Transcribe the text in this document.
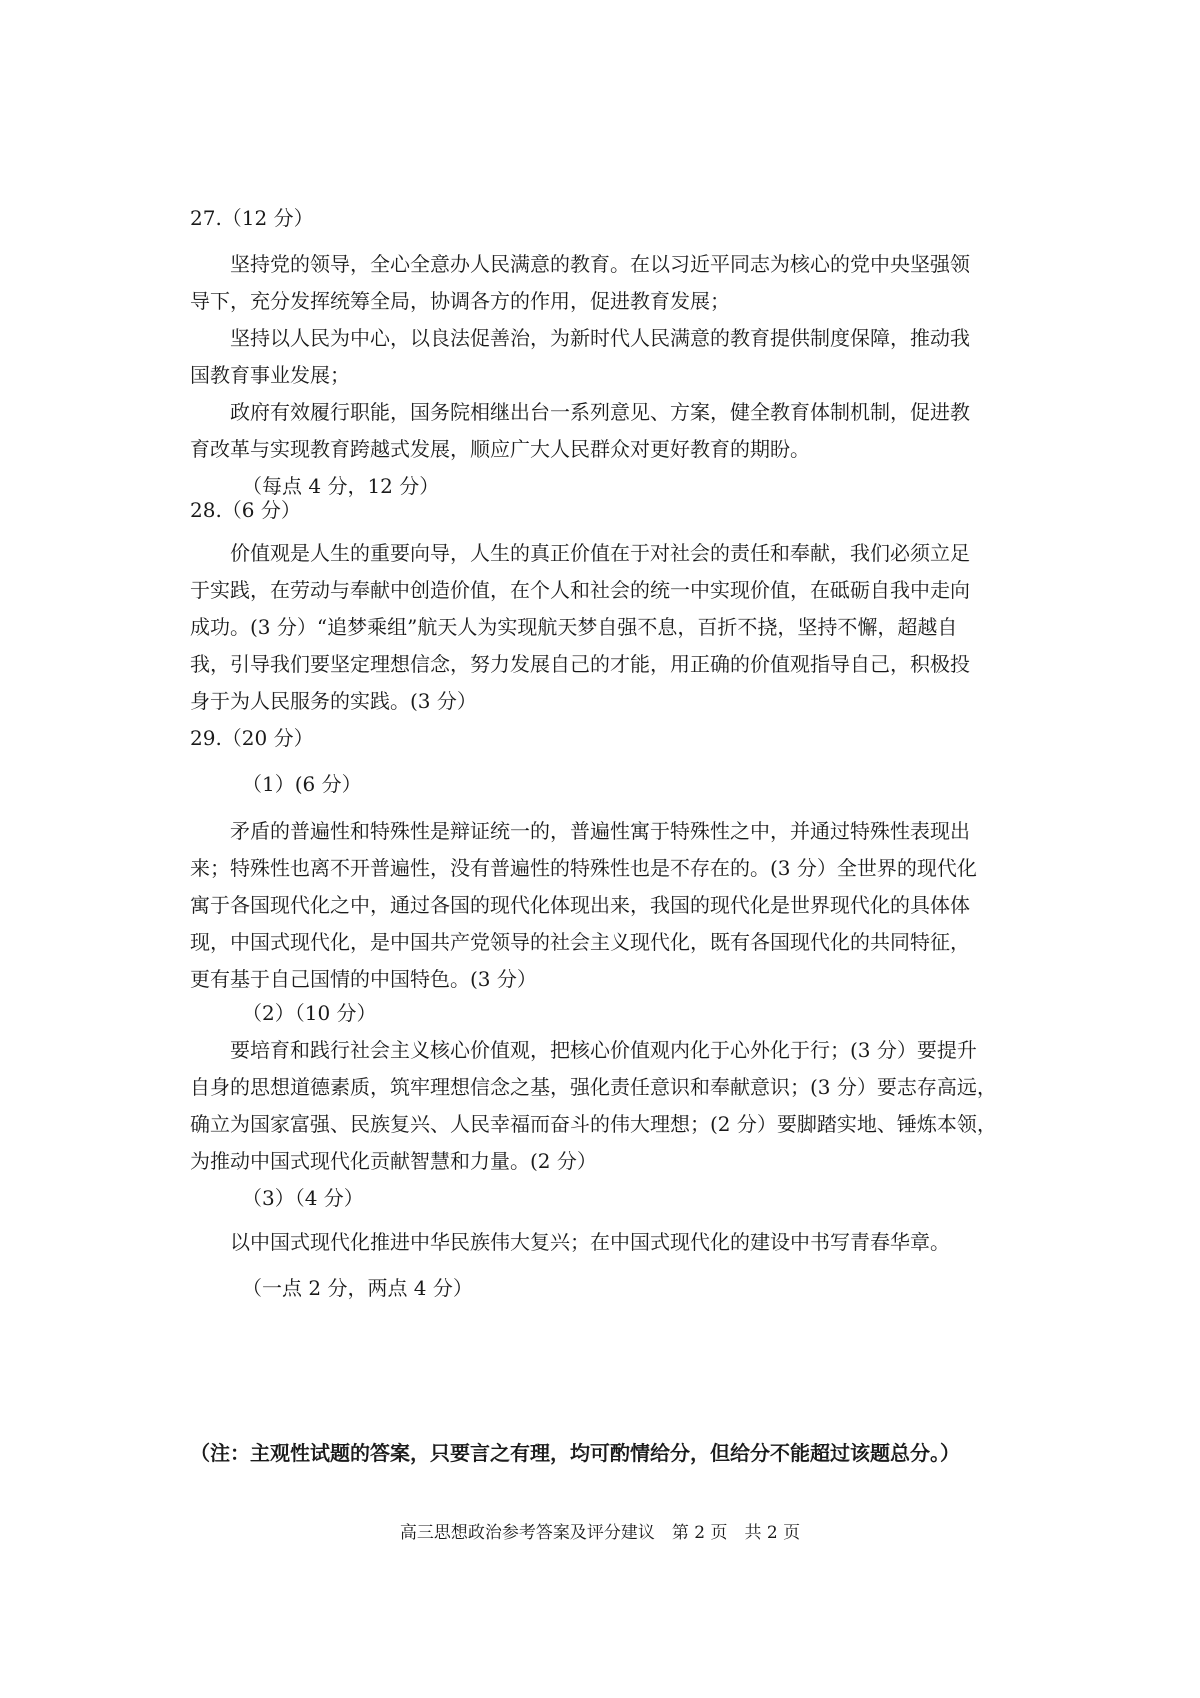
27.（12 分）
坚持党的领导，全心全意办人民满意的教育。在以习近平同志为核心的党中央坚强领
导下，充分发挥统筹全局，协调各方的作用，促进教育发展；
坚持以人民为中心，以良法促善治，为新时代人民满意的教育提供制度保障，推动我
国教育事业发展；
政府有效履行职能，国务院相继出台一系列意见、方案，健全教育体制机制，促进教
育改革与实现教育跨越式发展，顺应广大人民群众对更好教育的期盼。
（每点 4 分，12 分）
28.（6 分）
价值观是人生的重要向导，人生的真正价值在于对社会的责任和奉献，我们必须立足
于实践，在劳动与奉献中创造价值，在个人和社会的统一中实现价值，在砥砺自我中走向
成功。(3 分）“追梦乘组”航天人为实现航天梦自强不息，百折不挠，坚持不懈，超越自
我，引导我们要坚定理想信念，努力发展自己的才能，用正确的价值观指导自己，积极投
身于为人民服务的实践。(3 分）
29.（20 分）
（1）(6 分）
矛盾的普遍性和特殊性是辩证统一的，普遍性寓于特殊性之中，并通过特殊性表现出
来；特殊性也离不开普遍性，没有普遍性的特殊性也是不存在的。(3 分）全世界的现代化
寓于各国现代化之中，通过各国的现代化体现出来，我国的现代化是世界现代化的具体体
现，中国式现代化，是中国共产党领导的社会主义现代化，既有各国现代化的共同特征，
更有基于自己国情的中国特色。(3 分）
（2）（10 分）
要培育和践行社会主义核心价值观，把核心价值观内化于心外化于行；(3 分）要提升
自身的思想道德素质，筑牢理想信念之基，强化责任意识和奉献意识；(3 分）要志存高远，
确立为国家富强、民族复兴、人民幸福而奋斗的伟大理想；(2 分）要脚踏实地、锤炼本领，
为推动中国式现代化贡献智慧和力量。(2 分）
（3）（4 分）
以中国式现代化推进中华民族伟大复兴；在中国式现代化的建设中书写青春华章。
（一点 2 分，两点 4 分）
（注：主观性试题的答案，只要言之有理，均可酌情给分，但给分不能超过该题总分。）
高三思想政治参考答案及评分建议　第 2 页　共 2 页
